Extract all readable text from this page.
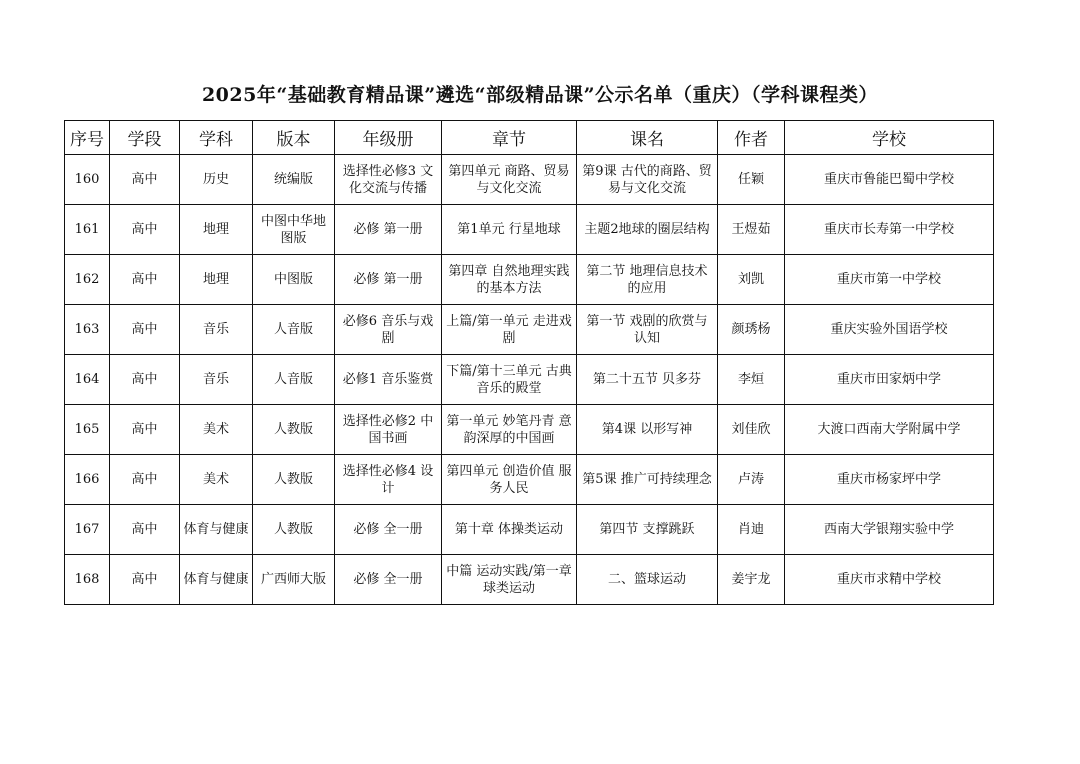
2025年“基础教育精品课”遴选“部级精品课”公示名单（重庆）（学科课程类）
序号	学段	学科	版本	年级册	章节	课名	作者	学校
160	高中	历史	统编版	选择性必修3 文化交流与传播	第四单元 商路、贸易与文化交流	第9课 古代的商路、贸易与文化交流	任颖	重庆市鲁能巴蜀中学校
161	高中	地理	中图中华地图版	必修 第一册	第1单元 行星地球	主题2地球的圈层结构	王煜茹	重庆市长寿第一中学校
162	高中	地理	中图版	必修 第一册	第四章 自然地理实践的基本方法	第二节 地理信息技术的应用	刘凯	重庆市第一中学校
163	高中	音乐	人音版	必修6 音乐与戏剧	上篇/第一单元 走进戏剧	第一节 戏剧的欣赏与认知	颜琇杨	重庆实验外国语学校
164	高中	音乐	人音版	必修1 音乐鉴赏	下篇/第十三单元 古典音乐的殿堂	第二十五节 贝多芬	李烜	重庆市田家炳中学
165	高中	美术	人教版	选择性必修2 中国书画	第一单元 妙笔丹青 意韵深厚的中国画	第4课 以形写神	刘佳欣	大渡口西南大学附属中学
166	高中	美术	人教版	选择性必修4 设计	第四单元 创造价值 服务人民	第5课 推广可持续理念	卢涛	重庆市杨家坪中学
167	高中	体育与健康	人教版	必修 全一册	第十章 体操类运动	第四节 支撑跳跃	肖迪	西南大学银翔实验中学
168	高中	体育与健康	广西师大版	必修 全一册	中篇 运动实践/第一章 球类运动	二、篮球运动	姜宇龙	重庆市求精中学校
